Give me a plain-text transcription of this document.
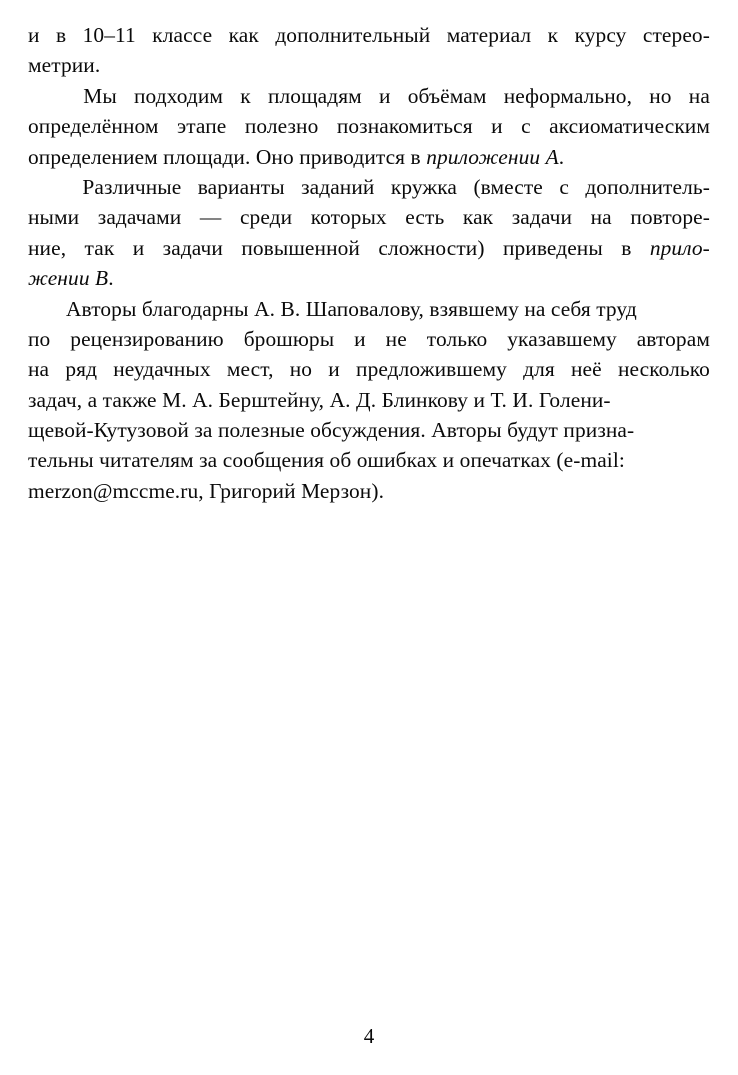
и в 10–11 классе как дополнительный материал к курсу стерео-
метрии.
Мы подходим к площадям и объёмам неформально, но на
определённом этапе полезно познакомиться и с аксиоматическим
определением площади. Оно приводится в приложении A.
Различные варианты заданий кружка (вместе с дополнитель-
ными задачами — среди которых есть как задачи на повторе-
ние, так и задачи повышенной сложности) приведены в прило-
жении B.
Авторы благодарны А. В. Шаповалову, взявшему на себя труд
по рецензированию брошюры и не только указавшему авторам
на ряд неудачных мест, но и предложившему для неё несколько
задач, а также М. А. Берштейну, А. Д. Блинкову и Т. И. Голени-
щевой-Кутузовой за полезные обсуждения. Авторы будут призна-
тельны читателям за сообщения об ошибках и опечатках (e-mail:
merzon@mccme.ru, Григорий Мерзон).
4
